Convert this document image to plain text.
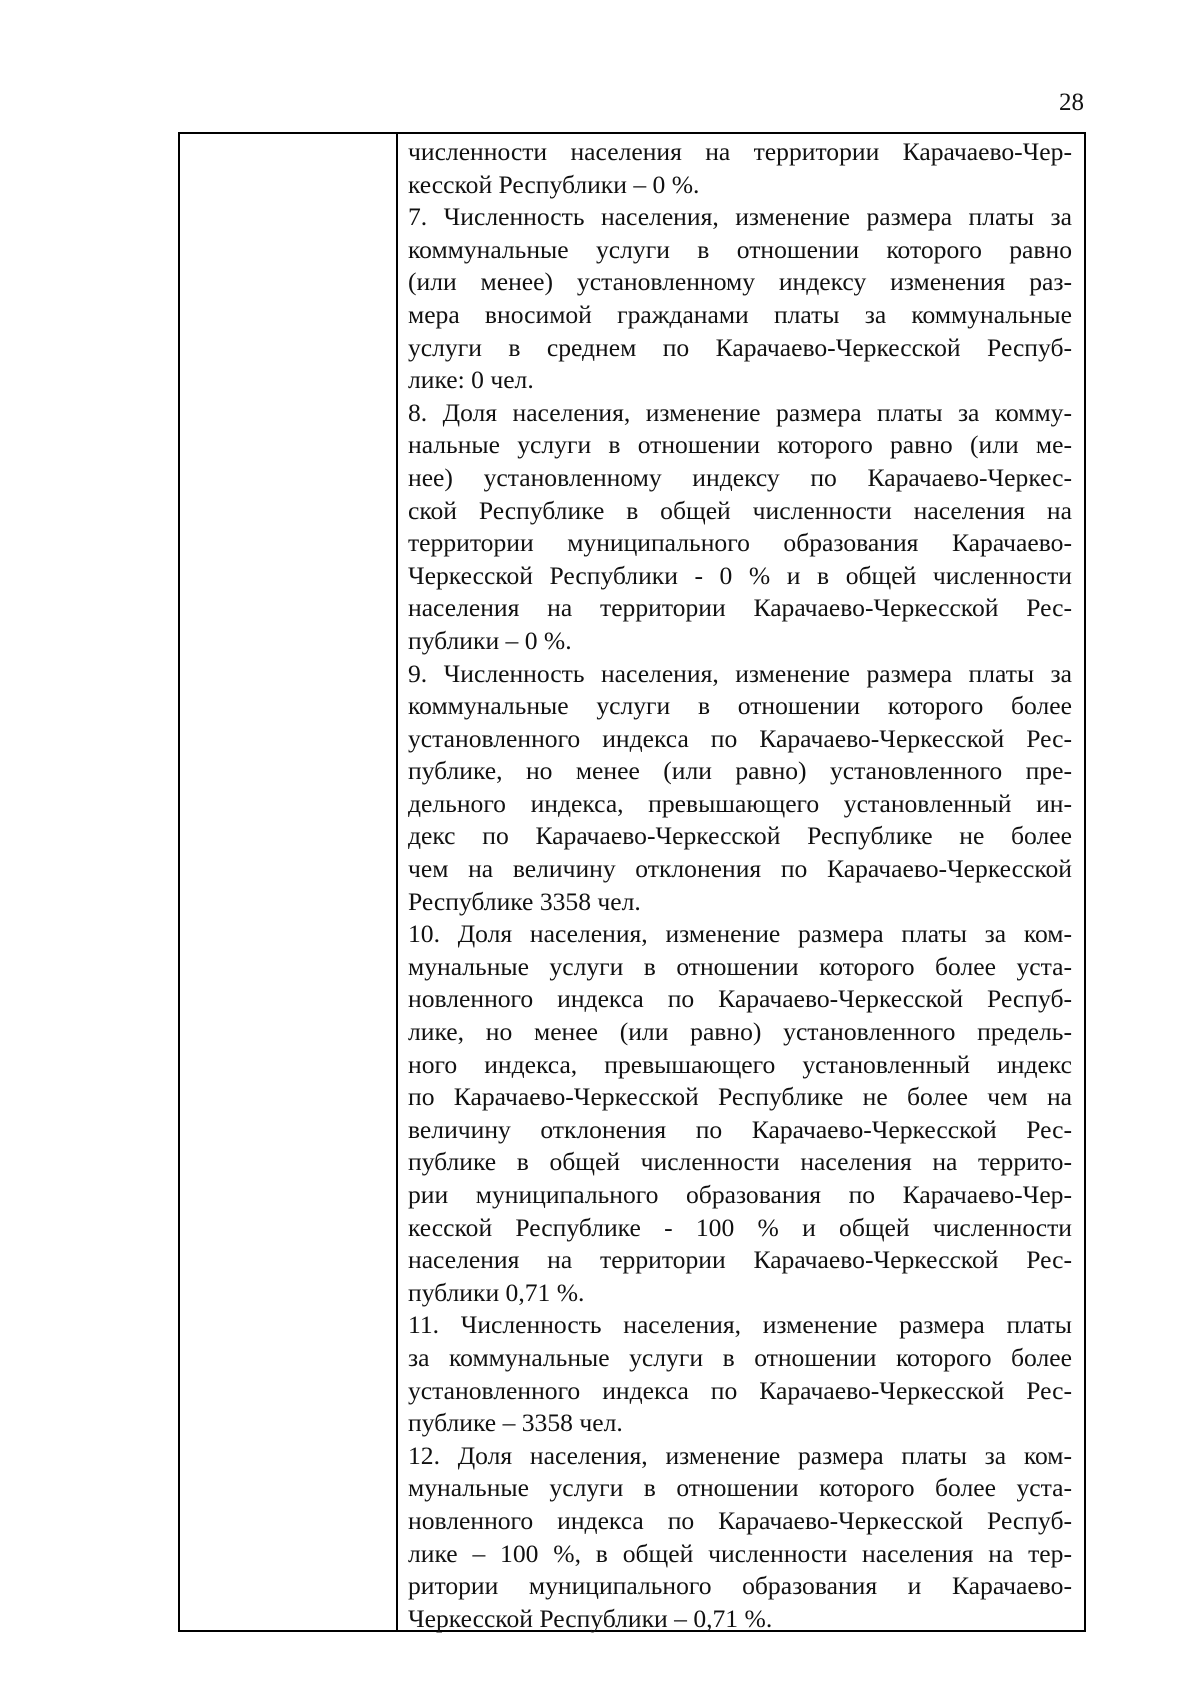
28
численности населения на территории Карачаево-Чер-
кесской Республики – 0 %.
7. Численность населения, изменение размера платы за
коммунальные услуги в отношении которого равно
(или менее) установленному индексу изменения раз-
мера вносимой гражданами платы за коммунальные
услуги в среднем по Карачаево-Черкесской Респуб-
лике: 0 чел.
8. Доля населения, изменение размера платы за комму-
нальные услуги в отношении которого равно (или ме-
нее) установленному индексу по Карачаево-Черкес-
ской Республике в общей численности населения на
территории муниципального образования Карачаево-
Черкесской Республики - 0 % и в общей численности
населения на территории Карачаево-Черкесской Рес-
публики – 0 %.
9. Численность населения, изменение размера платы за
коммунальные услуги в отношении которого более
установленного индекса по Карачаево-Черкесской Рес-
публике, но менее (или равно) установленного пре-
дельного индекса, превышающего установленный ин-
декс по Карачаево-Черкесской Республике не более
чем на величину отклонения по Карачаево-Черкесской
Республике 3358 чел.
10. Доля населения, изменение размера платы за ком-
мунальные услуги в отношении которого более уста-
новленного индекса по Карачаево-Черкесской Респуб-
лике, но менее (или равно) установленного предель-
ного индекса, превышающего установленный индекс
по Карачаево-Черкесской Республике не более чем на
величину отклонения по Карачаево-Черкесской Рес-
публике в общей численности населения на террито-
рии муниципального образования по Карачаево-Чер-
кесской Республике - 100 % и общей численности
населения на территории Карачаево-Черкесской Рес-
публики 0,71 %.
11. Численность населения, изменение размера платы
за коммунальные услуги в отношении которого более
установленного индекса по Карачаево-Черкесской Рес-
публике – 3358 чел.
12. Доля населения, изменение размера платы за ком-
мунальные услуги в отношении которого более уста-
новленного индекса по Карачаево-Черкесской Респуб-
лике – 100 %, в общей численности населения на тер-
ритории муниципального образования и Карачаево-
Черкесской Республики – 0,71 %.
